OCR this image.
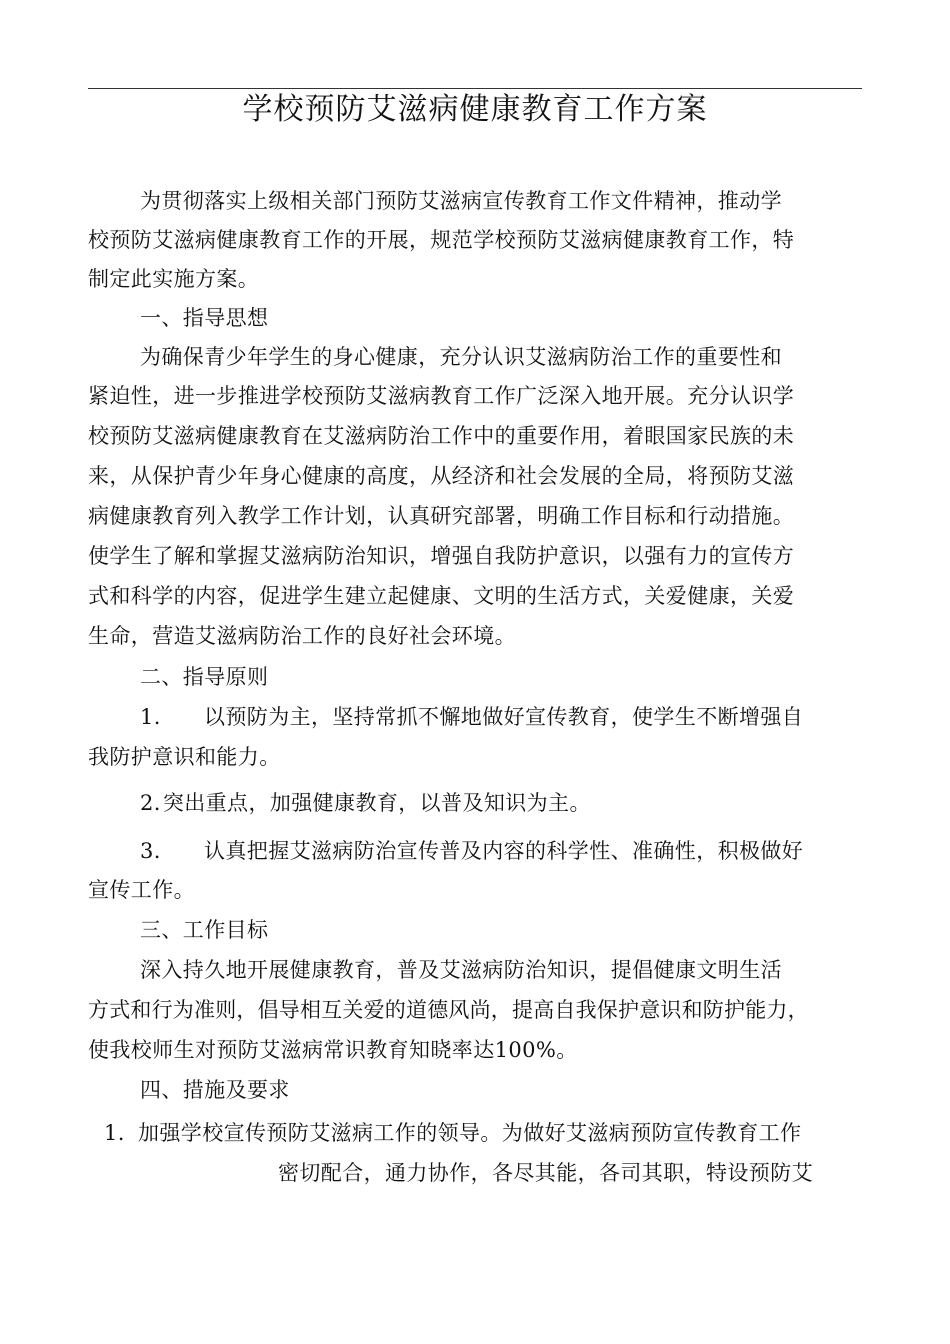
学校预防艾滋病健康教育工作方案
为贯彻落实上级相关部门预防艾滋病宣传教育工作文件精神，推动学
校预防艾滋病健康教育工作的开展，规范学校预防艾滋病健康教育工作，特
制定此实施方案。
一、指导思想
为确保青少年学生的身心健康，充分认识艾滋病防治工作的重要性和
紧迫性，进一步推进学校预防艾滋病教育工作广泛深入地开展。充分认识学
校预防艾滋病健康教育在艾滋病防治工作中的重要作用，着眼国家民族的未
来，从保护青少年身心健康的高度，从经济和社会发展的全局，将预防艾滋
病健康教育列入教学工作计划，认真研究部署，明确工作目标和行动措施。
使学生了解和掌握艾滋病防治知识，增强自我防护意识，以强有力的宣传方
式和科学的内容，促进学生建立起健康、文明的生活方式，关爱健康，关爱
生命，营造艾滋病防治工作的良好社会环境。
二、指导原则
1. 以预防为主，坚持常抓不懈地做好宣传教育，使学生不断增强自
我防护意识和能力。
2.突出重点，加强健康教育，以普及知识为主。
3. 认真把握艾滋病防治宣传普及内容的科学性、准确性，积极做好
宣传工作。
三、工作目标
深入持久地开展健康教育，普及艾滋病防治知识，提倡健康文明生活
方式和行为准则，倡导相互关爱的道德风尚，提高自我保护意识和防护能力，
使我校师生对预防艾滋病常识教育知晓率达100%。
四、措施及要求
1. 加强学校宣传预防艾滋病工作的领导。为做好艾滋病预防宣传教育工作
密切配合，通力协作，各尽其能，各司其职，特设预防艾
